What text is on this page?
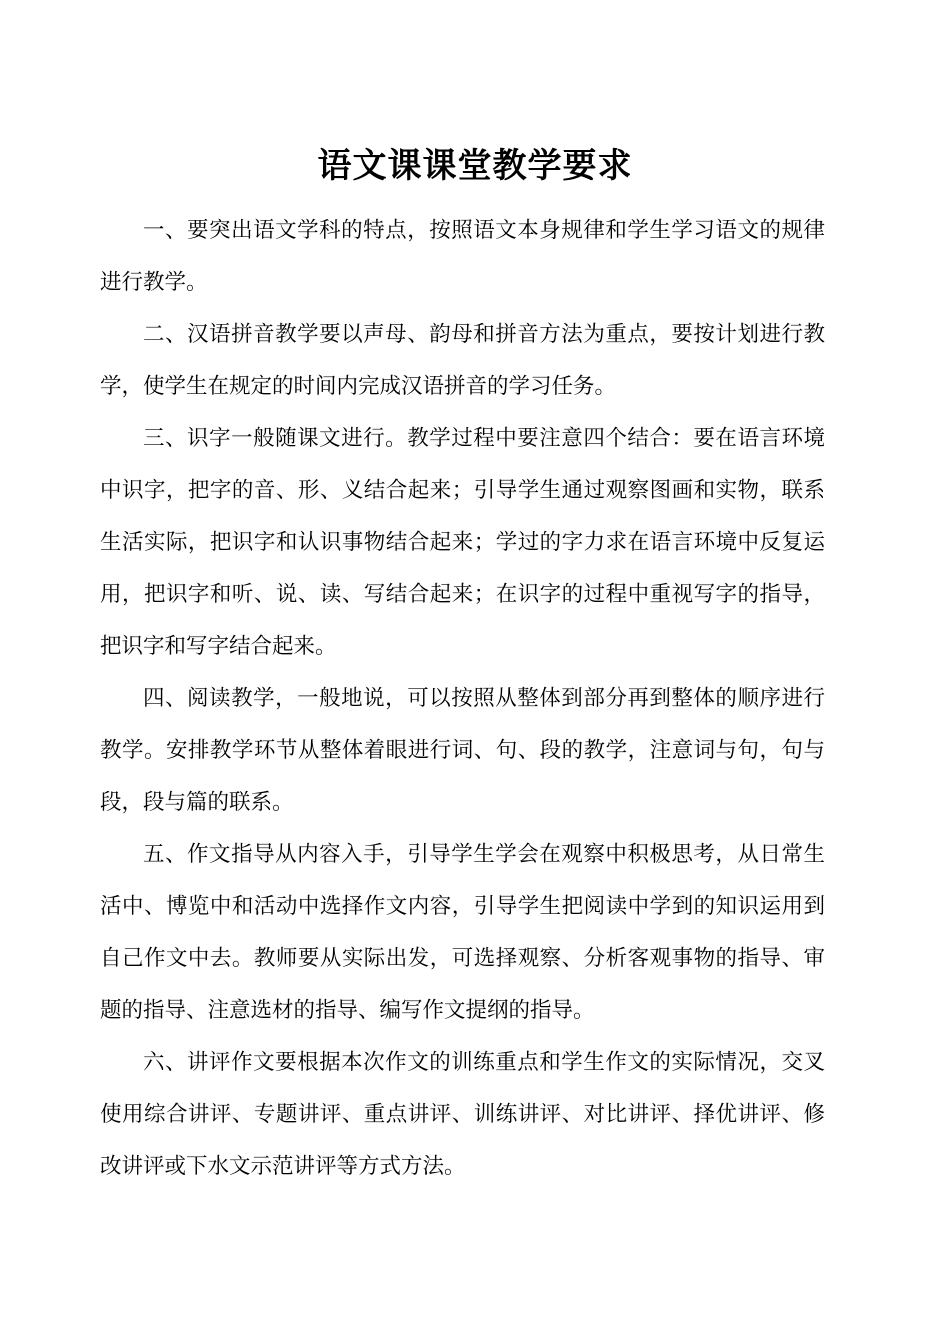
语文课课堂教学要求

一、要突出语文学科的特点，按照语文本身规律和学生学习语文的规律进行教学。

二、汉语拼音教学要以声母、韵母和拼音方法为重点，要按计划进行教学，使学生在规定的时间内完成汉语拼音的学习任务。

三、识字一般随课文进行。教学过程中要注意四个结合：要在语言环境中识字，把字的音、形、义结合起来；引导学生通过观察图画和实物，联系生活实际，把识字和认识事物结合起来；学过的字力求在语言环境中反复运用，把识字和听、说、读、写结合起来；在识字的过程中重视写字的指导，把识字和写字结合起来。

四、阅读教学，一般地说，可以按照从整体到部分再到整体的顺序进行教学。安排教学环节从整体着眼进行词、句、段的教学，注意词与句，句与段，段与篇的联系。

五、作文指导从内容入手，引导学生学会在观察中积极思考，从日常生活中、博览中和活动中选择作文内容，引导学生把阅读中学到的知识运用到自己作文中去。教师要从实际出发，可选择观察、分析客观事物的指导、审题的指导、注意选材的指导、编写作文提纲的指导。

六、讲评作文要根据本次作文的训练重点和学生作文的实际情况，交叉使用综合讲评、专题讲评、重点讲评、训练讲评、对比讲评、择优讲评、修改讲评或下水文示范讲评等方式方法。
